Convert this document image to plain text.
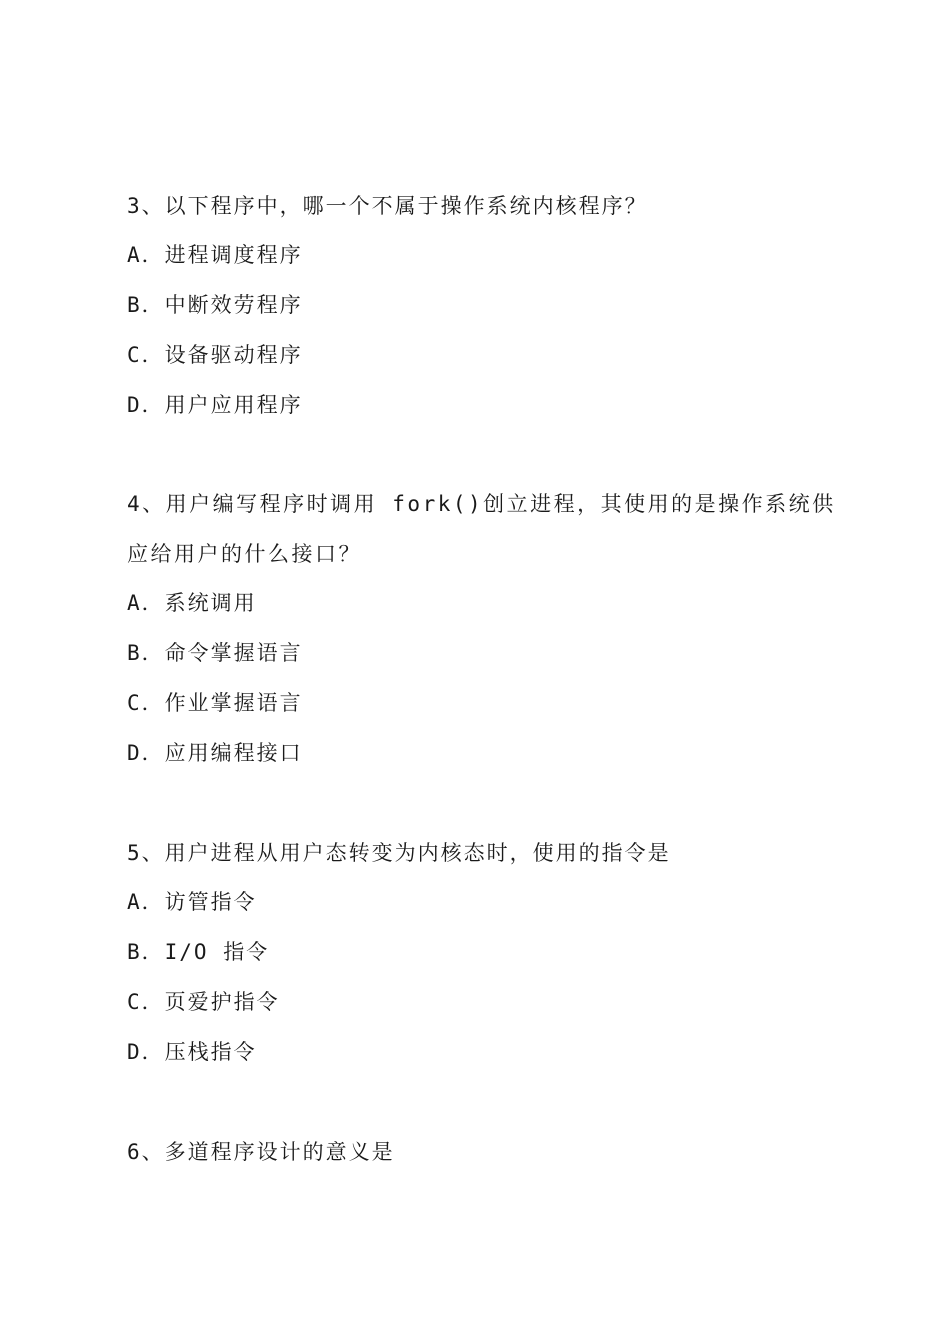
3、以下程序中，哪一个不属于操作系统内核程序？
A．进程调度程序
B．中断效劳程序
C．设备驱动程序
D．用户应用程序
4、用户编写程序时调用 fork()创立进程，其使用的是操作系统供应给用户的什么接口？
A．系统调用
B．命令掌握语言
C．作业掌握语言
D．应用编程接口
5、用户进程从用户态转变为内核态时，使用的指令是
A．访管指令
B．I/O 指令
C．页爱护指令
D．压栈指令
6、多道程序设计的意义是
